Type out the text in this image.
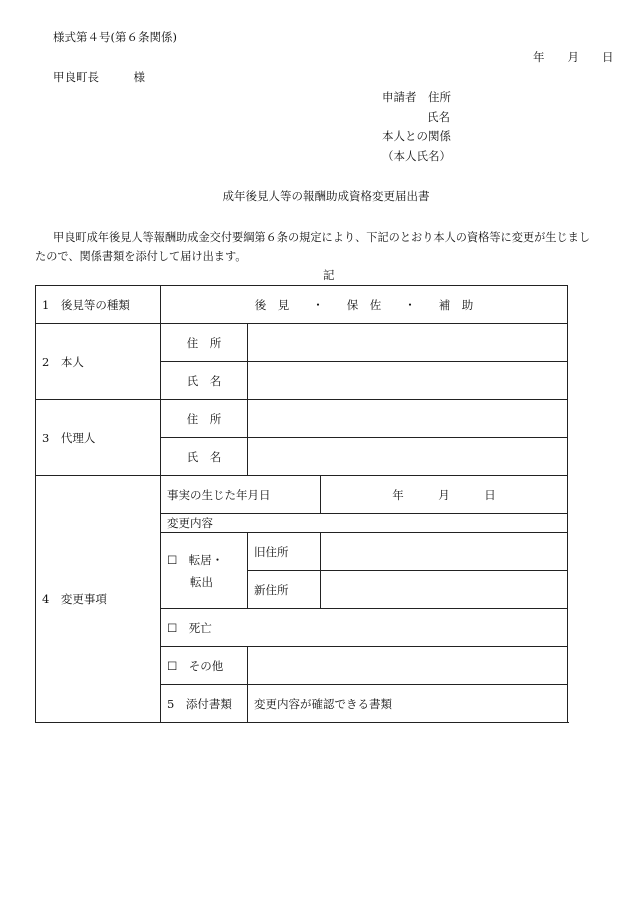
様式第４号(第６条関係)
年　　月　　日
甲良町長　　　様
申請者　住所
氏名
本人との関係
（本人氏名）
成年後見人等の報酬助成資格変更届出書
甲良町成年後見人等報酬助成金交付要綱第６条の規定により、下記のとおり本人の資格等に変更が生じまし
たので、関係書類を添付して届け出ます。
記
1　後見等の種類	後　見　　・　　保　佐　　・　　補　助		
2　本人	住　所		
	氏　名		
3　代理人	住　所		
	氏　名		
4　変更事項	事実の生じた年月日		年　　　月　　　日
	変更内容		

	☐　転居・
　　転出	旧住所	
		新住所	
	☐　死亡		
	☐　その他		
	5　添付書類	変更内容が確認できる書類	
